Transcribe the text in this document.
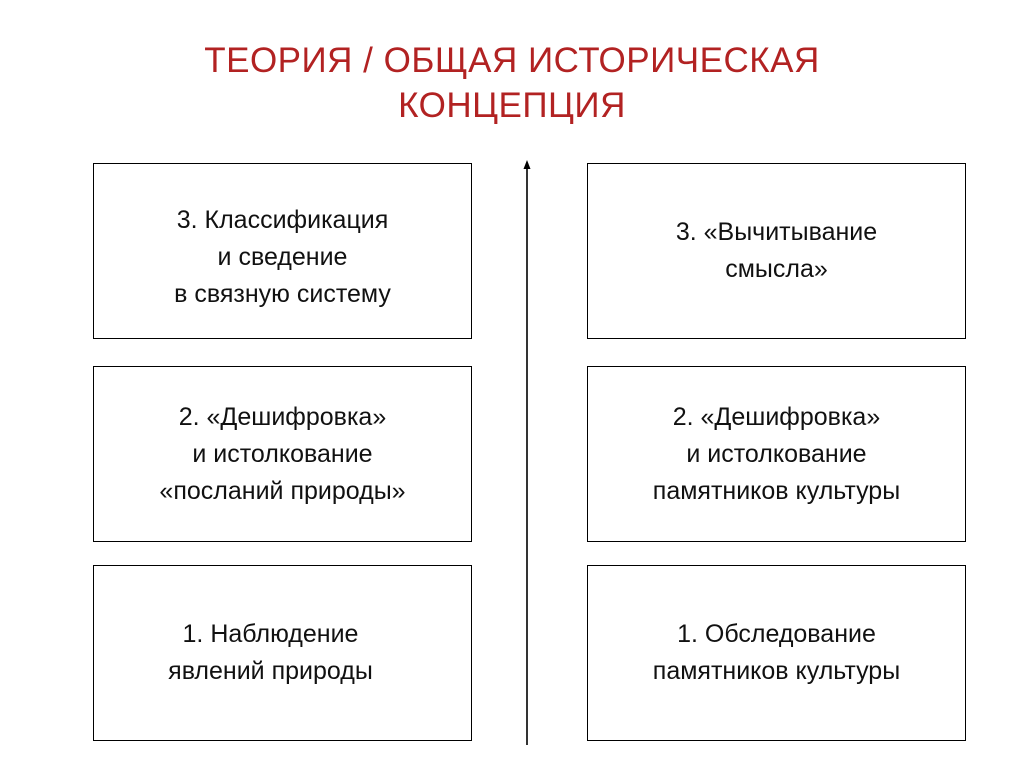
ТЕОРИЯ / ОБЩАЯ ИСТОРИЧЕСКАЯ
КОНЦЕПЦИЯ
3. Классификация
и сведение
в связную систему
2. «Дешифровка»
и истолкование
«посланий природы»
1. Наблюдение
явлений природы
3. «Вычитывание
смысла»
2. «Дешифровка»
и истолкование
памятников культуры
1. Обследование
памятников культуры
